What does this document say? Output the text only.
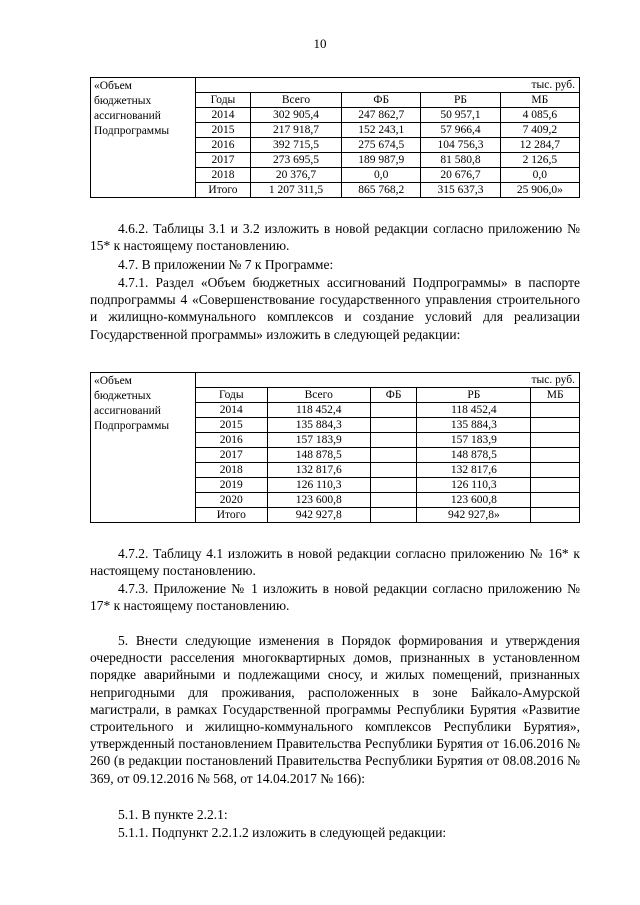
10
«Объем бюджетных ассигнований Подпрограммы	тыс. руб.				
	Годы	Всего	ФБ	РБ	МБ
	2014	302 905,4	247 862,7	50 957,1	4 085,6
	2015	217 918,7	152 243,1	57 966,4	7 409,2
	2016	392 715,5	275 674,5	104 756,3	12 284,7
	2017	273 695,5	189 987,9	81 580,8	2 126,5
	2018	20 376,7	0,0	20 676,7	0,0
	Итого	1 207 311,5	865 768,2	315 637,3	25 906,0»

4.6.2. Таблицы 3.1 и 3.2 изложить в новой редакции согласно приложению № 15* к настоящему постановлению.

4.7. В приложении № 7 к Программе:

4.7.1. Раздел «Объем бюджетных ассигнований Подпрограммы» в паспорте подпрограммы 4 «Совершенствование государственного управления строительного и жилищно-коммунального комплексов и создание условий для реализации Государственной программы» изложить в следующей редакции:

«Объем бюджетных ассигнований Подпрограммы	тыс. руб.				
	Годы	Всего	ФБ	РБ	МБ
	2014	118 452,4		118 452,4	
	2015	135 884,3		135 884,3	
	2016	157 183,9		157 183,9	
	2017	148 878,5		148 878,5	
	2018	132 817,6		132 817,6	
	2019	126 110,3		126 110,3	
	2020	123 600,8		123 600,8	
	Итого	942 927,8		942 927,8»	

4.7.2. Таблицу 4.1 изложить в новой редакции согласно приложению № 16* к настоящему постановлению.

4.7.3. Приложение № 1 изложить в новой редакции согласно приложению № 17* к настоящему постановлению.

5. Внести следующие изменения в Порядок формирования и утверждения очередности расселения многоквартирных домов, признанных в установленном порядке аварийными и подлежащими сносу, и жилых помещений, признанных непригодными для проживания, расположенных в зоне Байкало-Амурской магистрали, в рамках Государственной программы Республики Бурятия «Развитие строительного и жилищно-коммунального комплексов Республики Бурятия», утвержденный постановлением Правительства Республики Бурятия от 16.06.2016 № 260 (в редакции постановлений Правительства Республики Бурятия от 08.08.2016 № 369, от 09.12.2016 № 568, от 14.04.2017 № 166):

5.1. В пункте 2.2.1:

5.1.1. Подпункт 2.2.1.2 изложить в следующей редакции:
